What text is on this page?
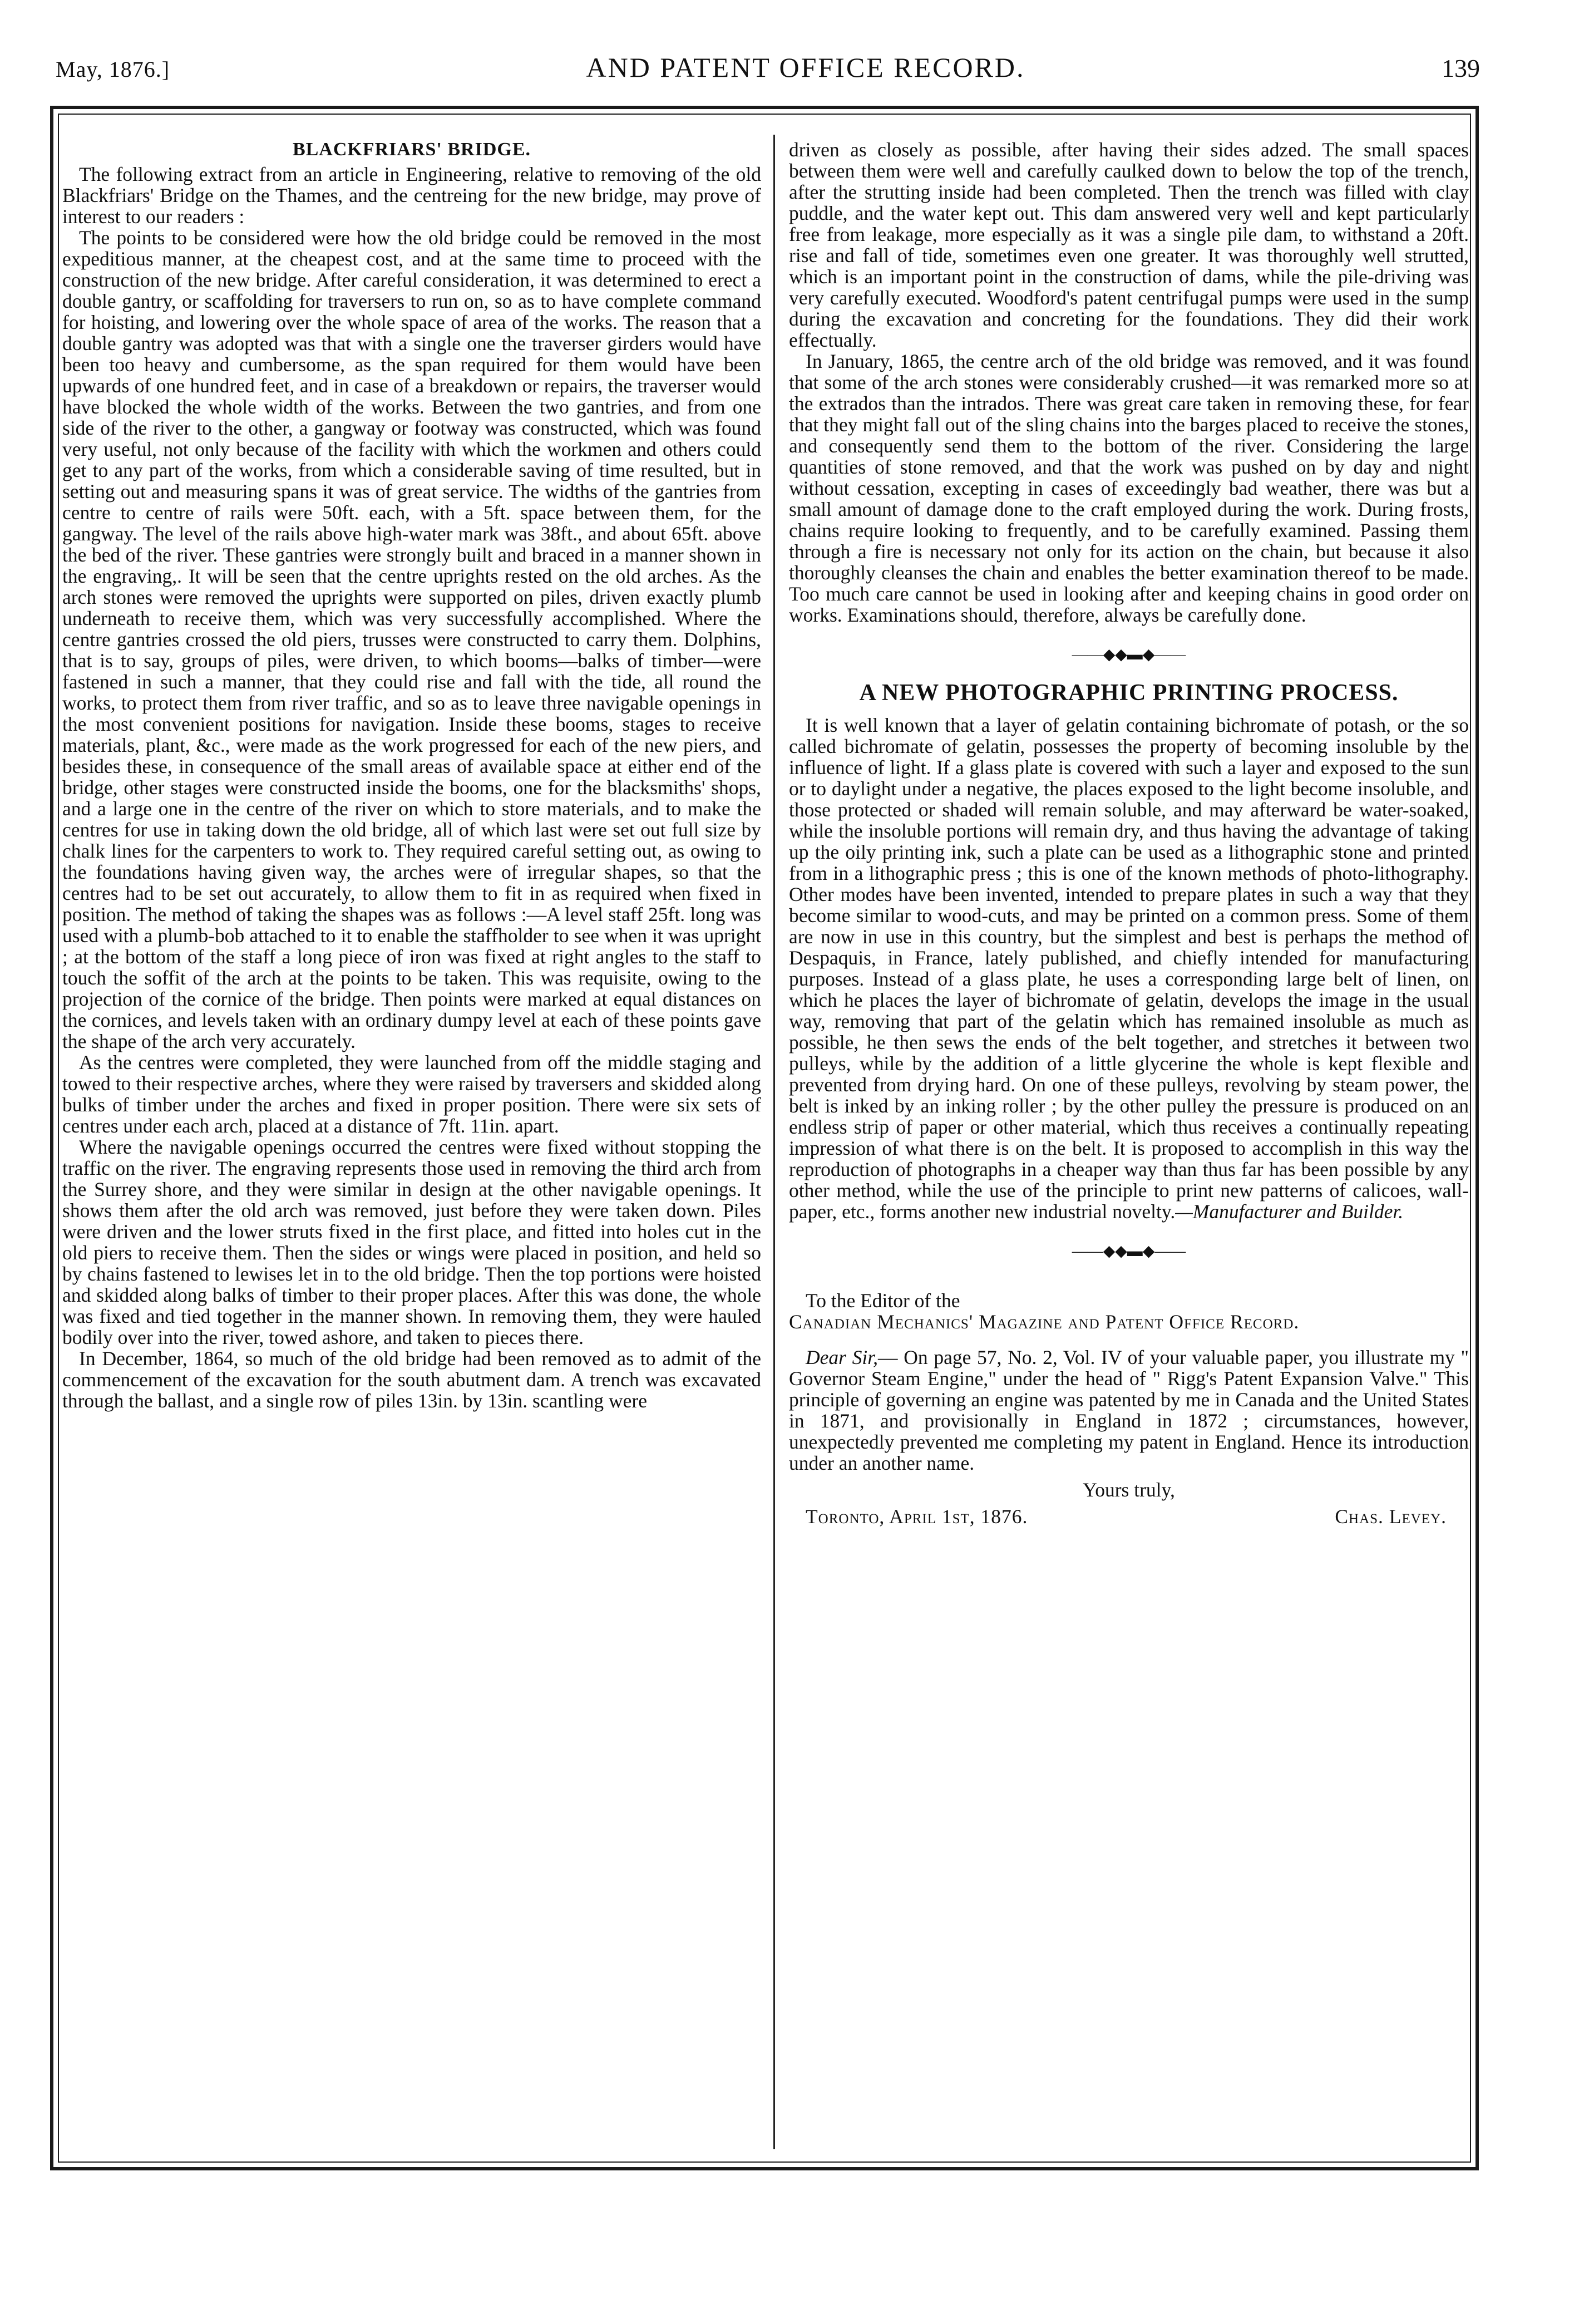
May, 1876.]	AND PATENT OFFICE RECORD.	139
BLACKFRIARS' BRIDGE.

The following extract from an article in Engineering, relative to removing of the old Blackfriars' Bridge on the Thames, and the centreing for the new bridge, may prove of interest to our readers :

The points to be considered were how the old bridge could be removed in the most expeditious manner, at the cheapest cost, and at the same time to proceed with the construction of the new bridge. After careful consideration, it was determined to erect a double gantry, or scaffolding for traversers to run on, so as to have complete command for hoisting, and lowering over the whole space of area of the works. The reason that a double gantry was adopted was that with a single one the traverser girders would have been too heavy and cumbersome, as the span required for them would have been upwards of one hundred feet, and in case of a breakdown or repairs, the traverser would have blocked the whole width of the works. Between the two gantries, and from one side of the river to the other, a gangway or footway was constructed, which was found very useful, not only because of the facility with which the workmen and others could get to any part of the works, from which a considerable saving of time resulted, but in setting out and measuring spans it was of great service. The widths of the gantries from centre to centre of rails were 50ft. each, with a 5ft. space between them, for the gangway. The level of the rails above high-water mark was 38ft., and about 65ft. above the bed of the river. These gantries were strongly built and braced in a manner shown in the engraving,. It will be seen that the centre uprights rested on the old arches. As the arch stones were removed the uprights were supported on piles, driven exactly plumb underneath to receive them, which was very successfully accomplished. Where the centre gantries crossed the old piers, trusses were constructed to carry them. Dolphins, that is to say, groups of piles, were driven, to which booms—balks of timber—were fastened in such a manner, that they could rise and fall with the tide, all round the works, to protect them from river traffic, and so as to leave three navigable openings in the most convenient positions for navigation. Inside these booms, stages to receive materials, plant, &c., were made as the work progressed for each of the new piers, and besides these, in consequence of the small areas of available space at either end of the bridge, other stages were constructed inside the booms, one for the blacksmiths' shops, and a large one in the centre of the river on which to store materials, and to make the centres for use in taking down the old bridge, all of which last were set out full size by chalk lines for the carpenters to work to. They required careful setting out, as owing to the foundations having given way, the arches were of irregular shapes, so that the centres had to be set out accurately, to allow them to fit in as required when fixed in position. The method of taking the shapes was as follows :—A level staff 25ft. long was used with a plumb-bob attached to it to enable the staffholder to see when it was upright ; at the bottom of the staff a long piece of iron was fixed at right angles to the staff to touch the soffit of the arch at the points to be taken. This was requisite, owing to the projection of the cornice of the bridge. Then points were marked at equal distances on the cornices, and levels taken with an ordinary dumpy level at each of these points gave the shape of the arch very accurately.

As the centres were completed, they were launched from off the middle staging and towed to their respective arches, where they were raised by traversers and skidded along bulks of timber under the arches and fixed in proper position. There were six sets of centres under each arch, placed at a distance of 7ft. 11in. apart.

Where the navigable openings occurred the centres were fixed without stopping the traffic on the river. The engraving represents those used in removing the third arch from the Surrey shore, and they were similar in design at the other navigable openings. It shows them after the old arch was removed, just before they were taken down. Piles were driven and the lower struts fixed in the first place, and fitted into holes cut in the old piers to receive them. Then the sides or wings were placed in position, and held so by chains fastened to lewises let in to the old bridge. Then the top portions were hoisted and skidded along balks of timber to their proper places. After this was done, the whole was fixed and tied together in the manner shown. In removing them, they were hauled bodily over into the river, towed ashore, and taken to pieces there.

In December, 1864, so much of the old bridge had been removed as to admit of the commencement of the excavation for the south abutment dam. A trench was excavated through the ballast, and a single row of piles 13in. by 13in. scantling were

driven as closely as possible, after having their sides adzed. The small spaces between them were well and carefully caulked down to below the top of the trench, after the strutting inside had been completed. Then the trench was filled with clay puddle, and the water kept out. This dam answered very well and kept particularly free from leakage, more especially as it was a single pile dam, to withstand a 20ft. rise and fall of tide, sometimes even one greater. It was thoroughly well strutted, which is an important point in the construction of dams, while the pile-driving was very carefully executed. Woodford's patent centrifugal pumps were used in the sump during the excavation and concreting for the foundations. They did their work effectually.

In January, 1865, the centre arch of the old bridge was removed, and it was found that some of the arch stones were considerably crushed—it was remarked more so at the extrados than the intrados. There was great care taken in removing these, for fear that they might fall out of the sling chains into the barges placed to receive the stones, and consequently send them to the bottom of the river. Considering the large quantities of stone removed, and that the work was pushed on by day and night without cessation, excepting in cases of exceedingly bad weather, there was but a small amount of damage done to the craft employed during the work. During frosts, chains require looking to frequently, and to be carefully examined. Passing them through a fire is necessary not only for its action on the chain, but because it also thoroughly cleanses the chain and enables the better examination thereof to be made. Too much care cannot be used in looking after and keeping chains in good order on works. Examinations should, therefore, always be carefully done.

——◆◆▬◆——
A NEW PHOTOGRAPHIC PRINTING PROCESS.

It is well known that a layer of gelatin containing bichromate of potash, or the so called bichromate of gelatin, possesses the property of becoming insoluble by the influence of light. If a glass plate is covered with such a layer and exposed to the sun or to daylight under a negative, the places exposed to the light become insoluble, and those protected or shaded will remain soluble, and may afterward be water-soaked, while the insoluble portions will remain dry, and thus having the advantage of taking up the oily printing ink, such a plate can be used as a lithographic stone and printed from in a lithographic press ; this is one of the known methods of photo-lithography. Other modes have been invented, intended to prepare plates in such a way that they become similar to wood-cuts, and may be printed on a common press. Some of them are now in use in this country, but the simplest and best is perhaps the method of Despaquis, in France, lately published, and chiefly intended for manufacturing purposes. Instead of a glass plate, he uses a corresponding large belt of linen, on which he places the layer of bichromate of gelatin, develops the image in the usual way, removing that part of the gelatin which has remained insoluble as much as possible, he then sews the ends of the belt together, and stretches it between two pulleys, while by the addition of a little glycerine the whole is kept flexible and prevented from drying hard. On one of these pulleys, revolving by steam power, the belt is inked by an inking roller ; by the other pulley the pressure is produced on an endless strip of paper or other material, which thus receives a continually repeating impression of what there is on the belt. It is proposed to accomplish in this way the reproduction of photographs in a cheaper way than thus far has been possible by any other method, while the use of the principle to print new patterns of calicoes, wall-paper, etc., forms another new industrial novelty.—Manufacturer and Builder.

——◆◆▬◆——

To the Editor of the

Canadian Mechanics' Magazine and Patent Office Record.

Dear Sir,— On page 57, No. 2, Vol. IV of your valuable paper, you illustrate my " Governor Steam Engine," under the head of " Rigg's Patent Expansion Valve." This principle of governing an engine was patented by me in Canada and the United States in 1871, and provisionally in England in 1872 ; circumstances, however, unexpectedly prevented me completing my patent in England. Hence its introduction under an another name.

Yours truly,

Toronto, April 1st, 1876.	Chas. Levey.
